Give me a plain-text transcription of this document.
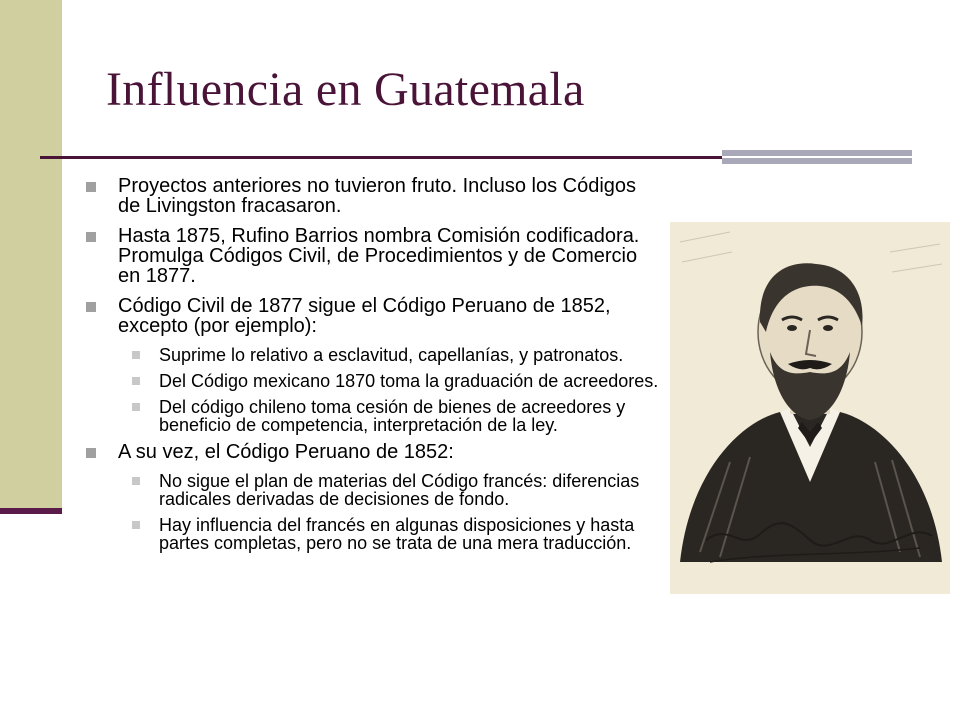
Influencia en Guatemala
Proyectos anteriores no tuvieron fruto. Incluso los Códigos de Livingston fracasaron.
Hasta 1875, Rufino Barrios nombra Comisión codificadora. Promulga Códigos Civil, de Procedimientos y de Comercio en 1877.
Código Civil de 1877 sigue el Código Peruano de 1852, excepto (por ejemplo):
Suprime lo relativo a esclavitud, capellanías, y patronatos.
Del Código mexicano 1870 toma la graduación de acreedores.
Del código chileno toma cesión de bienes de acreedores y beneficio de competencia, interpretación de la ley.
A su vez, el Código Peruano de 1852:
No sigue el plan de materias del Código francés: diferencias radicales derivadas de decisiones de fondo.
Hay influencia del francés en algunas disposiciones y hasta partes completas, pero no se trata de una mera traducción.
